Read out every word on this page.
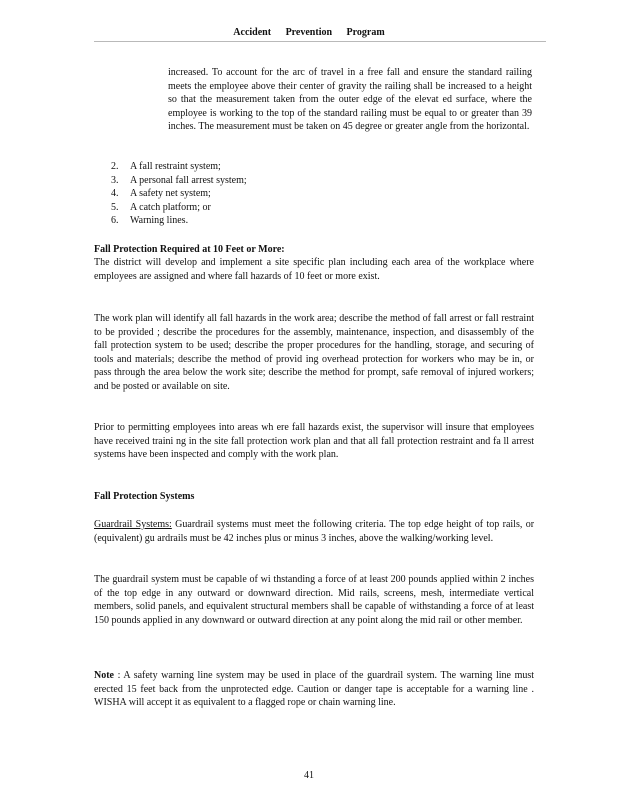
Accident Prevention Program

increased. To account for the arc of travel in a free fall and ensure the standard railing meets the employee above their center of gravity the railing shall be increased to a height so that the measurement taken from the outer edge of the elevat ed surface, where the employee is working to the top of the standard railing must be equal to or greater than 39 inches. The measurement must be taken on 45 degree or greater angle from the horizontal.

2.	A fall restraint system;
3.	A personal fall arrest system;
4.	A safety net system;
5.	A catch platform; or
6.	Warning lines.

Fall Protection Required at 10 Feet or More:

The district will develop and implement a site specific plan including each area of the workplace where employees are assigned and where fall hazards of 10 feet or more exist.

The work plan will identify all fall hazards in the work area; describe the method of fall arrest or fall restraint to be provided ; describe the procedures for the assembly, maintenance, inspection, and disassembly of the fall protection system to be used; describe the proper procedures for the handling, storage, and securing of tools and materials; describe the method of provid ing overhead protection for workers who may be in, or pass through the area below the work site; describe the method for prompt, safe removal of injured workers; and be posted or available on site.

Prior to permitting employees into areas wh ere fall hazards exist, the supervisor will insure that employees have received traini ng in the site fall protection work plan and that all fall protection restraint and fa ll arrest systems have been inspected and comply with the work plan.

Fall Protection Systems

Guardrail Systems: Guardrail systems must meet the following criteria. The top edge height of top rails, or (equivalent) gu ardrails must be 42 inches plus or minus 3 inches, above the walking/working level.

The guardrail system must be capable of wi thstanding a force of at least 200 pounds applied within 2 inches of the top edge in any outward or downward direction. Mid rails, screens, mesh, intermediate vertical members, solid panels, and equivalent structural members shall be capable of withstanding a force of at least 150 pounds applied in any downward or outward direction at any point along the mid rail or other member.

Note : A safety warning line system may be used in place of the guardrail system. The warning line must erected 15 feet back from the unprotected edge. Caution or danger tape is acceptable for a warning line . WISHA will accept it as equivalent to a flagged rope or chain warning line.

41
